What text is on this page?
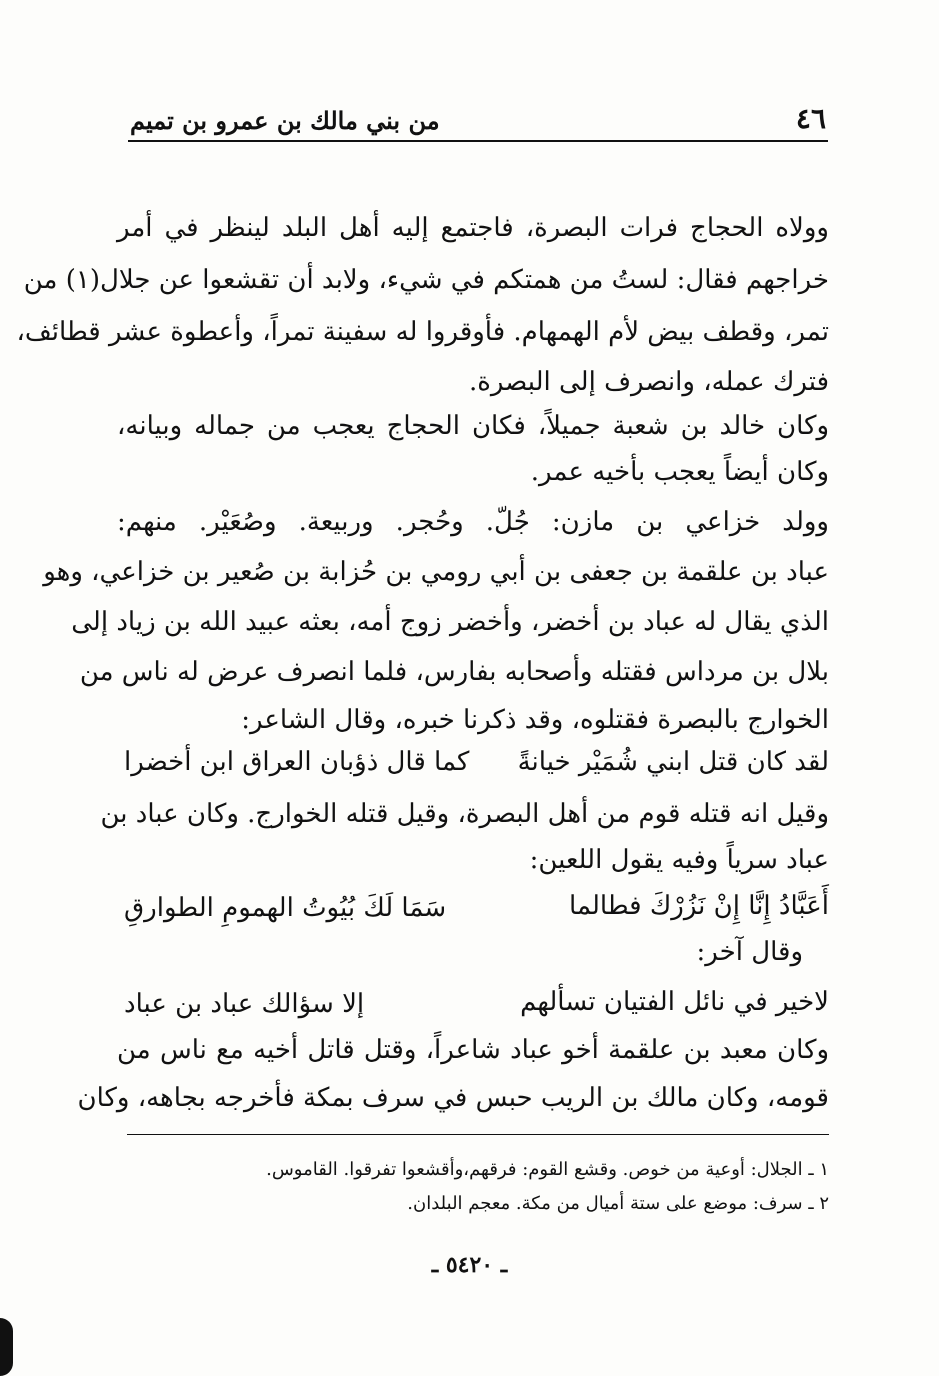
٤٦
من بني مالك بن عمرو بن تميم
وولاه الحجاج فرات البصرة، فاجتمع إليه أهل البلد لينظر في أمر
خراجهم فقال: لستُ من همتكم في شيء، ولابد أن تقشعوا عن جلال(١) من
تمر، وقطف بيض لأم الهمهام. فأوقروا له سفينة تمراً، وأعطوة عشر قطائف،
فترك عمله، وانصرف إلى البصرة.
وكان خالد بن شعبة جميلاً، فكان الحجاج يعجب من جماله وبيانه،
وكان أيضاً يعجب بأخيه عمر.
وولد خزاعي بن مازن: جُلّ. وحُجر. وربيعة. وصُعَيْر. منهم:
عباد بن علقمة بن جعفى بن أبي رومي بن حُزابة بن صُعير بن خزاعي، وهو
الذي يقال له عباد بن أخضر، وأخضر زوج أمه، بعثه عبيد الله بن زياد إلى
بلال بن مرداس فقتله وأصحابه بفارس، فلما انصرف عرض له ناس من
الخوارج بالبصرة فقتلوه، وقد ذكرنا خبره، وقال الشاعر:
لقد كان قتل ابني شُمَيْر خيانةً
كما قال ذؤبان العراق ابن أخضرا
وقيل انه قتله قوم من أهل البصرة، وقيل قتله الخوارج. وكان عباد بن
عباد سرياً وفيه يقول اللعين:
أَعَبَّادُ إِنَّا إِنْ نَزُرْكَ فطالما
سَمَا لَكَ بُيُوتُ الهمومِ الطوارقِ
وقال آخر:
لاخير في نائل الفتيان تسألهم
إلا سؤالك عباد بن عباد
وكان معبد بن علقمة أخو عباد شاعراً، وقتل قاتل أخيه مع ناس من
قومه، وكان مالك بن الريب حبس في سرف بمكة فأخرجه بجاهه، وكان
١ ـ الجلال: أوعية من خوص. وقشع القوم: فرقهم،وأقشعوا تفرقوا. القاموس.
٢ ـ سرف: موضع على ستة أميال من مكة. معجم البلدان.
ـ ٥٤٢٠ ـ
